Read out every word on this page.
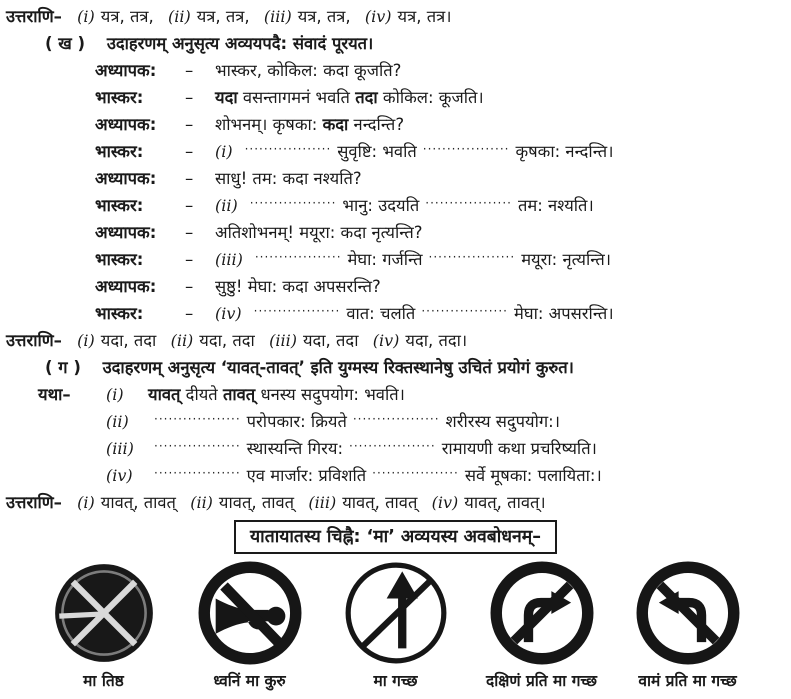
उत्तराणि– (i) यत्र, तत्र, (ii) यत्र, तत्र, (iii) यत्र, तत्र, (iv) यत्र, तत्र।
( ख ) उदाहरणम् अनुसृत्य अव्ययपदै: संवादं पूरयत।
अध्यापक: – भास्कर, कोकिल: कदा कूजति?
भास्कर:	– यदा वसन्तागमनं भवति तदा कोकिल: कूजति।
अध्यापक: – शोभनम्। कृषका: कदा नन्दन्ति?
भास्कर:	– (i) ·················· सुवृष्टि: भवति ·················· कृषका: नन्दन्ति।
अध्यापक: – साधु! तम: कदा नश्यति?
भास्कर:	– (ii) ·················· भानु: उदयति ·················· तम: नश्यति।
अध्यापक: – अतिशोभनम्! मयूरा: कदा नृत्यन्ति?
भास्कर:	– (iii) ·················· मेघा: गर्जन्ति ·················· मयूरा: नृत्यन्ति।
अध्यापक: – सुष्ठु! मेघा: कदा अपसरन्ति?
भास्कर:	– (iv) ·················· वात: चलति ·················· मेघा: अपसरन्ति।
उत्तराणि– (i) यदा, तदा (ii) यदा, तदा (iii) यदा, तदा (iv) यदा, तदा।
( ग ) उदाहरणम् अनुसृत्य ‘यावत्-तावत्’ इति युग्मस्य रिक्तस्थानेषु उचितं प्रयोगं कुरुत।
यथा– (i) यावत् दीयते तावत् धनस्य सदुपयोग: भवति।
(ii) ·················· परोपकार: क्रियते ·················· शरीरस्य सदुपयोग:।
(iii) ·················· स्थास्यन्ति गिरय: ·················· रामायणी कथा प्रचरिष्यति।
(iv) ·················· एव मार्जार: प्रविशति ·················· सर्वे मूषका: पलायिता:।
उत्तराणि– (i) यावत्, तावत् (ii) यावत्, तावत् (iii) यावत्, तावत् (iv) यावत्, तावत्।
यातायातस्य चिह्नै: ‘मा’ अव्ययस्य अवबोधनम्–
मा तिष्ठ	ध्वनिं मा कुरु	मा गच्छ	दक्षिणं प्रति मा गच्छ	वामं प्रति मा गच्छ
